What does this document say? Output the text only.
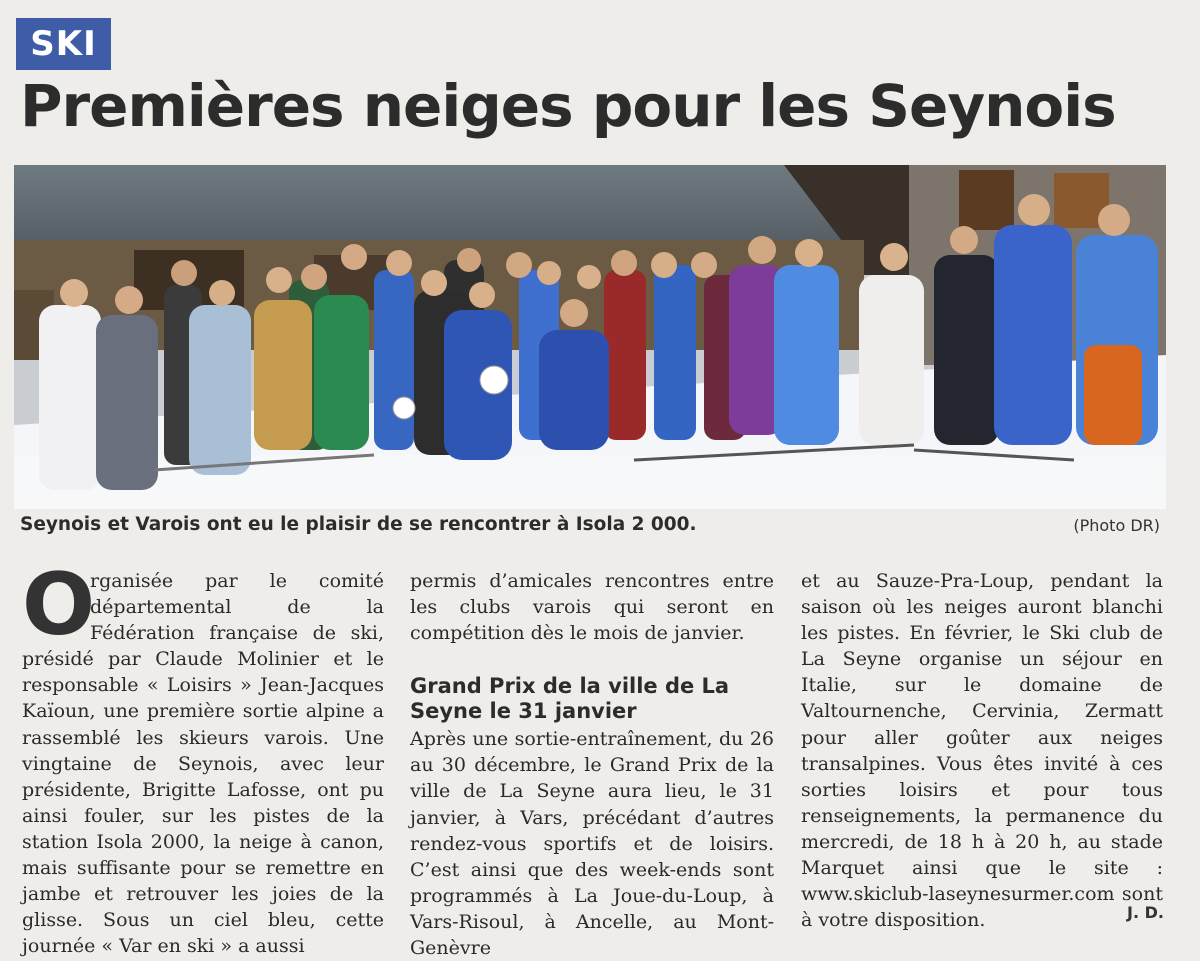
SKI
Premières neiges pour les Seynois
Seynois et Varois ont eu le plaisir de se rencontrer à Isola 2 000.	(Photo DR)
O

rganisée par le comité départemental de la Fédération française de ski, présidé par Claude Molinier et le responsable « Loisirs » Jean-Jacques Kaïoun, une première sortie alpine a rassemblé les skieurs varois. Une vingtaine de Seynois, avec leur présidente, Brigitte Lafosse, ont pu ainsi fouler, sur les pistes de la station Isola 2000, la neige à canon, mais suffisante pour se remettre en jambe et retrouver les joies de la glisse. Sous un ciel bleu, cette journée « Var en ski » a aussi

permis d’amicales rencontres entre les clubs varois qui seront en compétition dès le mois de janvier.

Grand Prix de la ville de La Seyne le 31 janvier

Après une sortie-entraînement, du 26 au 30 décembre, le Grand Prix de la ville de La Seyne aura lieu, le 31 janvier, à Vars, précédant d’autres rendez-vous sportifs et de loisirs. C’est ainsi que des week-ends sont programmés à La Joue-du-Loup, à Vars-Risoul, à Ancelle, au Mont-Genèvre

et au Sauze-Pra-Loup, pendant la saison où les neiges auront blanchi les pistes. En février, le Ski club de La Seyne organise un séjour en Italie, sur le domaine de Valtournenche, Cervinia, Zermatt pour aller goûter aux neiges transalpines. Vous êtes invité à ces sorties loisirs et pour tous renseignements, la permanence du mercredi, de 18 h à 20 h, au stade Marquet ainsi que le site : www.skiclub-laseynesurmer.com sont à votre disposition.	J. D.
